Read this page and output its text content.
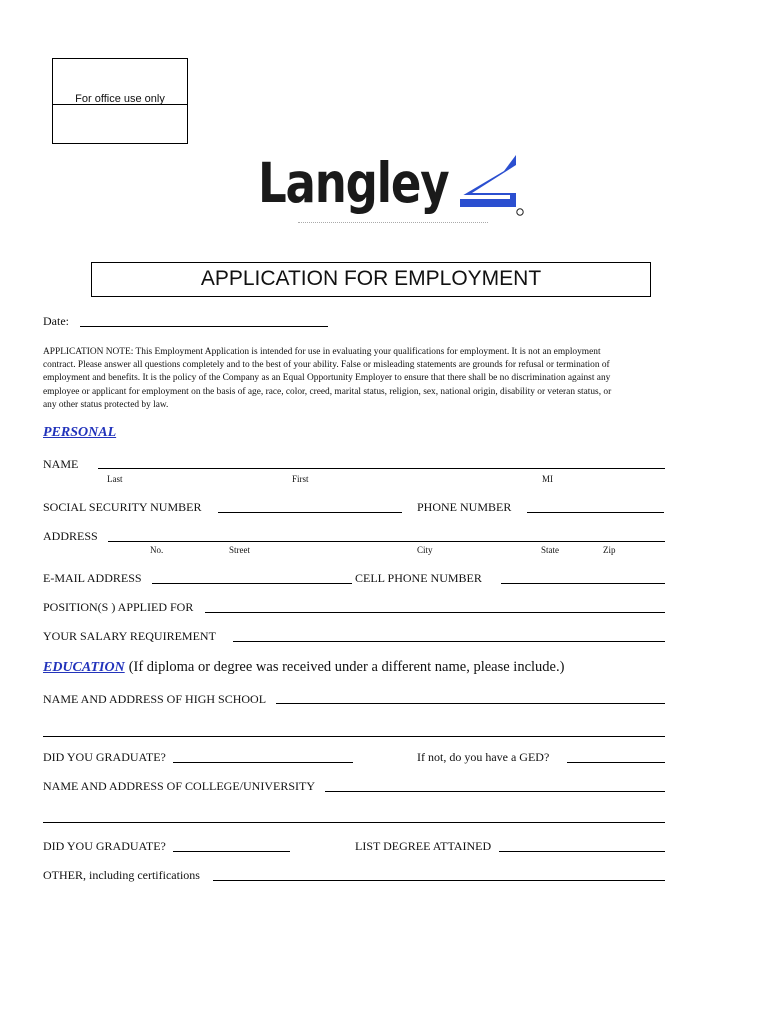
For office use only
Langley
APPLICATION FOR EMPLOYMENT
Date:
APPLICATION NOTE: This Employment Application is intended for use in evaluating your qualifications for employment. It is not an employment contract. Please answer all questions completely and to the best of your ability. False or misleading statements are grounds for refusal or termination of employment and benefits. It is the policy of the Company as an Equal Opportunity Employer to ensure that there shall be no discrimination against any employee or applicant for employment on the basis of age, race, color, creed, marital status, religion, sex, national origin, disability or veteran status, or any other status protected by law.
PERSONAL
NAME
Last	First	MI
SOCIAL SECURITY NUMBER	PHONE NUMBER
ADDRESS
No.	Street	City	State	Zip
E-MAIL ADDRESS	CELL PHONE NUMBER
POSITION(S ) APPLIED FOR
YOUR SALARY REQUIREMENT
EDUCATION (If diploma or degree was received under a different name, please include.)
NAME AND ADDRESS OF HIGH SCHOOL
DID YOU GRADUATE?	If not, do you have a GED?
NAME AND ADDRESS OF COLLEGE/UNIVERSITY
DID YOU GRADUATE?	LIST DEGREE ATTAINED
OTHER, including certifications
